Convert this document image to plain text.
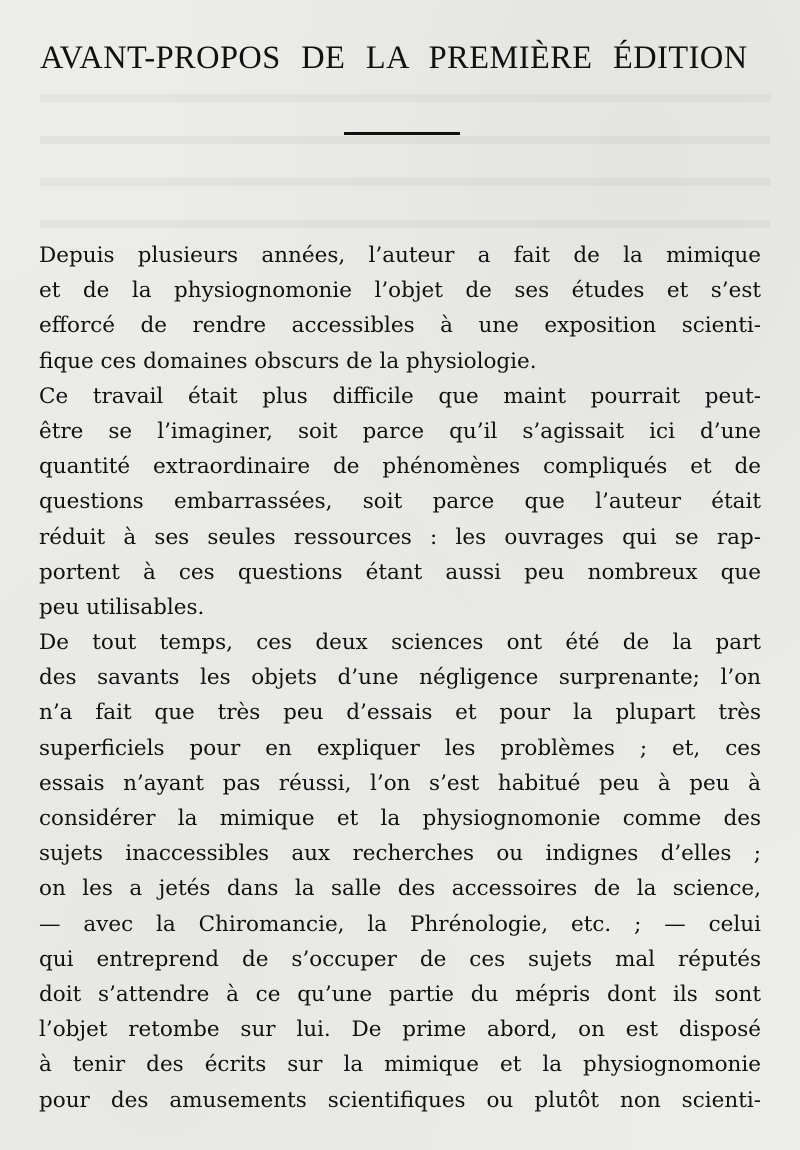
AVANT-PROPOS DE LA PREMIÈRE ÉDITION
Depuis plusieurs années, l’auteur a fait de la mimique
et de la physiognomonie l’objet de ses études et s’est
efforcé de rendre accessibles à une exposition scienti-
fique ces domaines obscurs de la physiologie.
Ce travail était plus difficile que maint pourrait peut-
être se l’imaginer, soit parce qu’il s’agissait ici d’une
quantité extraordinaire de phénomènes compliqués et de
questions embarrassées, soit parce que l’auteur était
réduit à ses seules ressources : les ouvrages qui se rap-
portent à ces questions étant aussi peu nombreux que
peu utilisables.
De tout temps, ces deux sciences ont été de la part
des savants les objets d’une négligence surprenante; l’on
n’a fait que très peu d’essais et pour la plupart très
superficiels pour en expliquer les problèmes ; et, ces
essais n’ayant pas réussi, l’on s’est habitué peu à peu à
considérer la mimique et la physiognomonie comme des
sujets inaccessibles aux recherches ou indignes d’elles ;
on les a jetés dans la salle des accessoires de la science,
— avec la Chiromancie, la Phrénologie, etc. ; — celui
qui entreprend de s’occuper de ces sujets mal réputés
doit s’attendre à ce qu’une partie du mépris dont ils sont
l’objet retombe sur lui. De prime abord, on est disposé
à tenir des écrits sur la mimique et la physiognomonie
pour des amusements scientifiques ou plutôt non scienti-
